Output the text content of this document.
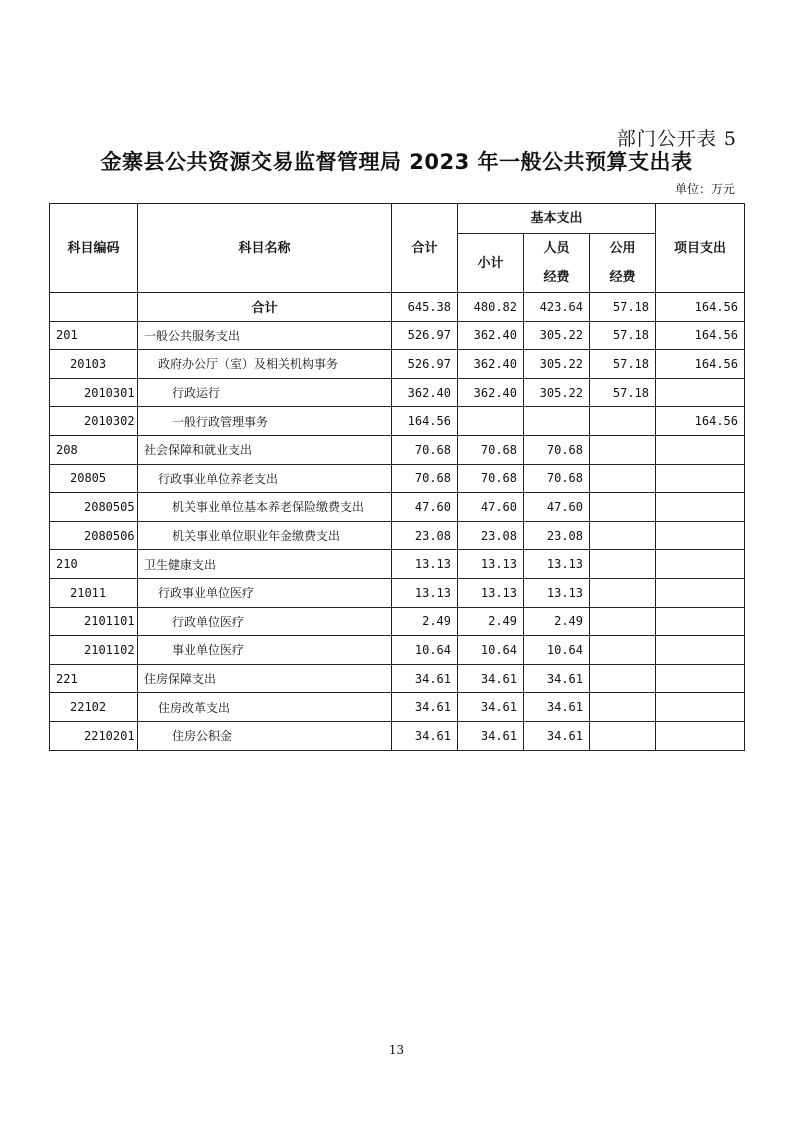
部门公开表 5
金寨县公共资源交易监督管理局 2023 年一般公共预算支出表
单位：万元
科目编码	科目名称	合计	基本支出			项目支出
			小计	人员	公用	
				经费	经费	
	合计	645.38	480.82	423.64	57.18	164.56
201	一般公共服务支出	526.97	362.40	305.22	57.18	164.56
20103	政府办公厅（室）及相关机构事务	526.97	362.40	305.22	57.18	164.56
2010301	行政运行	362.40	362.40	305.22	57.18	
2010302	一般行政管理事务	164.56				164.56
208	社会保障和就业支出	70.68	70.68	70.68		
20805	行政事业单位养老支出	70.68	70.68	70.68		
2080505	机关事业单位基本养老保险缴费支出	47.60	47.60	47.60		
2080506	机关事业单位职业年金缴费支出	23.08	23.08	23.08		
210	卫生健康支出	13.13	13.13	13.13		
21011	行政事业单位医疗	13.13	13.13	13.13		
2101101	行政单位医疗	2.49	2.49	2.49		
2101102	事业单位医疗	10.64	10.64	10.64		
221	住房保障支出	34.61	34.61	34.61		
22102	住房改革支出	34.61	34.61	34.61		
2210201	住房公积金	34.61	34.61	34.61		
13
